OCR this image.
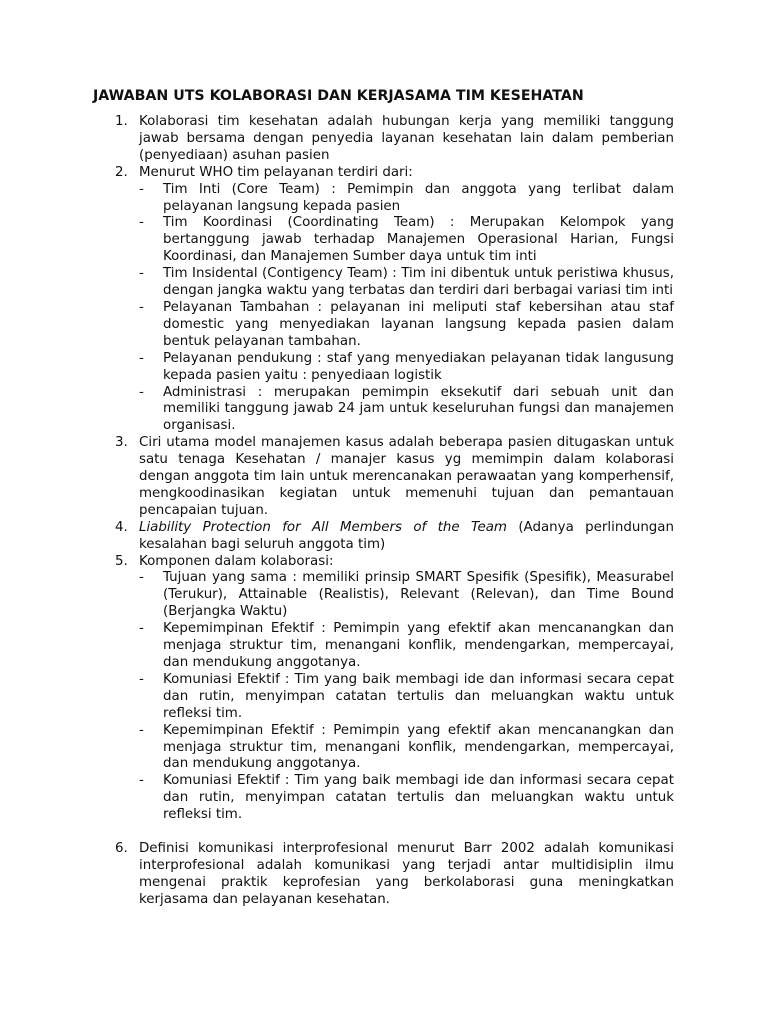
JAWABAN UTS KOLABORASI DAN KERJASAMA TIM KESEHATAN
1. Kolaborasi tim kesehatan adalah hubungan kerja yang memiliki tanggung jawab bersama dengan penyedia layanan kesehatan lain dalam pemberian (penyediaan) asuhan pasien

2. Menurut WHO tim pelayanan terdiri dari:

- Tim Inti (Core Team) : Pemimpin dan anggota yang terlibat dalam pelayanan langsung kepada pasien

- Tim Koordinasi (Coordinating Team) : Merupakan Kelompok yang bertanggung jawab terhadap Manajemen Operasional Harian, Fungsi Koordinasi, dan Manajemen Sumber daya untuk tim inti

- Tim Insidental (Contigency Team) : Tim ini dibentuk untuk peristiwa khusus, dengan jangka waktu yang terbatas dan terdiri dari berbagai variasi tim inti

- Pelayanan Tambahan : pelayanan ini meliputi staf kebersihan atau staf domestic yang menyediakan layanan langsung kepada pasien dalam bentuk pelayanan tambahan.

- Pelayanan pendukung : staf yang menyediakan pelayanan tidak langusung kepada pasien yaitu : penyediaan logistik

- Administrasi : merupakan pemimpin eksekutif dari sebuah unit dan memiliki tanggung jawab 24 jam untuk keseluruhan fungsi dan manajemen organisasi.

3. Ciri utama model manajemen kasus adalah beberapa pasien ditugaskan untuk satu tenaga Kesehatan / manajer kasus yg memimpin dalam kolaborasi dengan anggota tim lain untuk merencanakan perawaatan yang komperhensif, mengkoodinasikan kegiatan untuk memenuhi tujuan dan pemantauan pencapaian tujuan.

4. Liability Protection for All Members of the Team (Adanya perlindungan kesalahan bagi seluruh anggota tim)

5. Komponen dalam kolaborasi:

- Tujuan yang sama : memiliki prinsip SMART Spesifik (Spesifik), Measurabel (Terukur), Attainable (Realistis), Relevant (Relevan), dan Time Bound (Berjangka Waktu)

- Kepemimpinan Efektif : Pemimpin yang efektif akan mencanangkan dan menjaga struktur tim, menangani konflik, mendengarkan, mempercayai, dan mendukung anggotanya.

- Komuniasi Efektif : Tim yang baik membagi ide dan informasi secara cepat dan rutin, menyimpan catatan tertulis dan meluangkan waktu untuk refleksi tim.

- Kepemimpinan Efektif : Pemimpin yang efektif akan mencanangkan dan menjaga struktur tim, menangani konflik, mendengarkan, mempercayai, dan mendukung anggotanya.

- Komuniasi Efektif : Tim yang baik membagi ide dan informasi secara cepat dan rutin, menyimpan catatan tertulis dan meluangkan waktu untuk refleksi tim.

6. Definisi komunikasi interprofesional menurut Barr 2002 adalah komunikasi interprofesional adalah komunikasi yang terjadi antar multidisiplin ilmu mengenai praktik keprofesian yang berkolaborasi guna meningkatkan kerjasama dan pelayanan kesehatan.
